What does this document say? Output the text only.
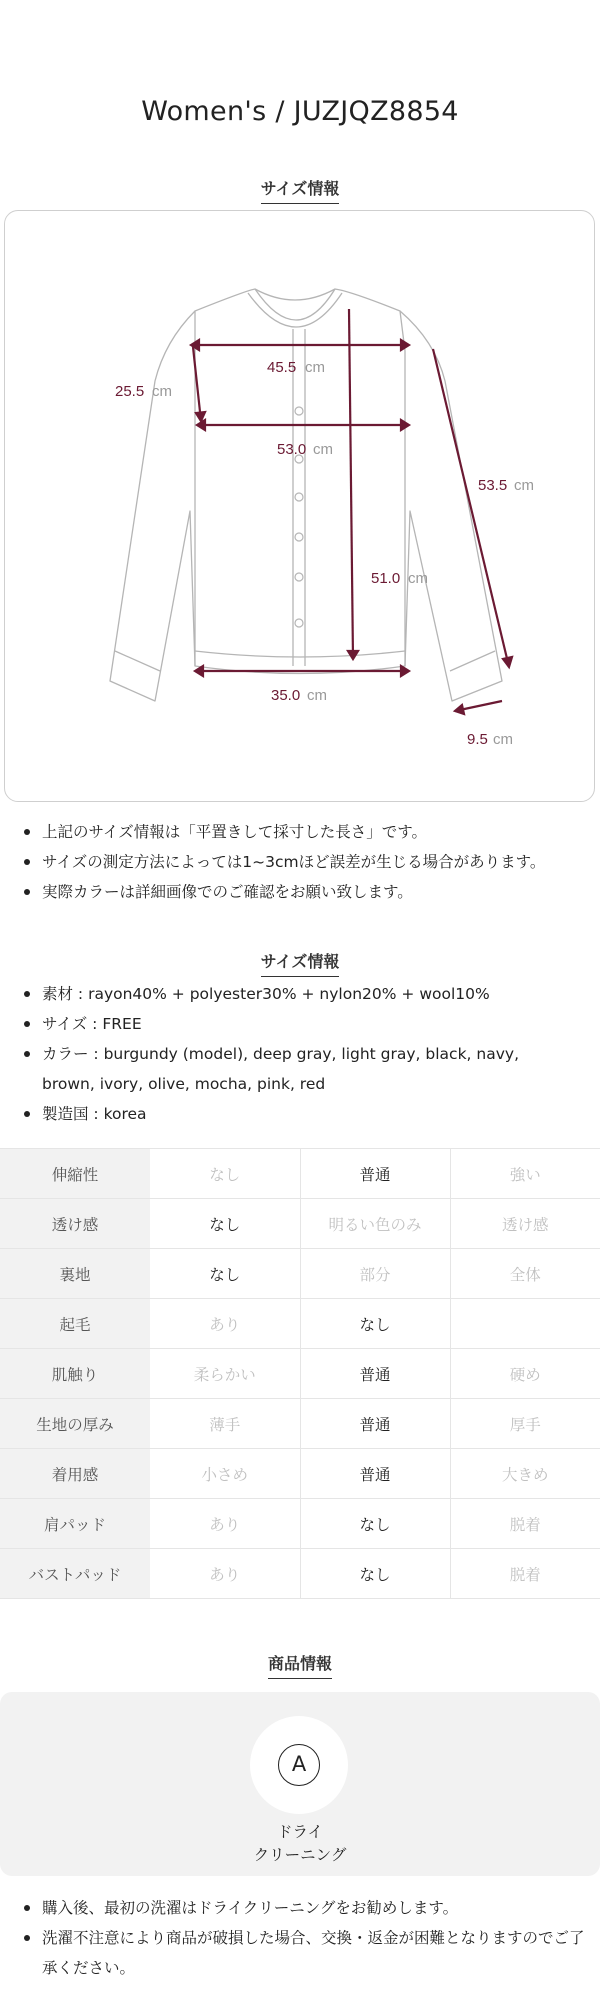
Women's / JUZJQZ8854
サイズ情報
45.5 cm
25.5 cm
53.0 cm
53.5 cm
51.0 cm
35.0 cm
9.5 cm
上記のサイズ情報は「平置きして採寸した長さ」です。
サイズの測定方法によっては1~3cmほど誤差が生じる場合があります。
実際カラーは詳細画像でのご確認をお願い致します。
サイズ情報
素材 : rayon40% + polyester30% + nylon20% + wool10%
サイズ : FREE
カラー : burgundy (model), deep gray, light gray, black, navy, brown, ivory, olive, mocha, pink, red
製造国 : korea
伸縮性	なし	普通	強い
透け感	なし	明るい色のみ	透け感
裏地	なし	部分	全体
起毛	あり	なし	
肌触り	柔らかい	普通	硬め
生地の厚み	薄手	普通	厚手
着用感	小さめ	普通	大きめ
肩パッド	あり	なし	脱着
バストパッド	あり	なし	脱着
商品情報
A
ドライ
クリーニング
購入後、最初の洗濯はドライクリーニングをお勧めします。
洗濯不注意により商品が破損した場合、交換・返金が困難となりますのでご了承ください。
